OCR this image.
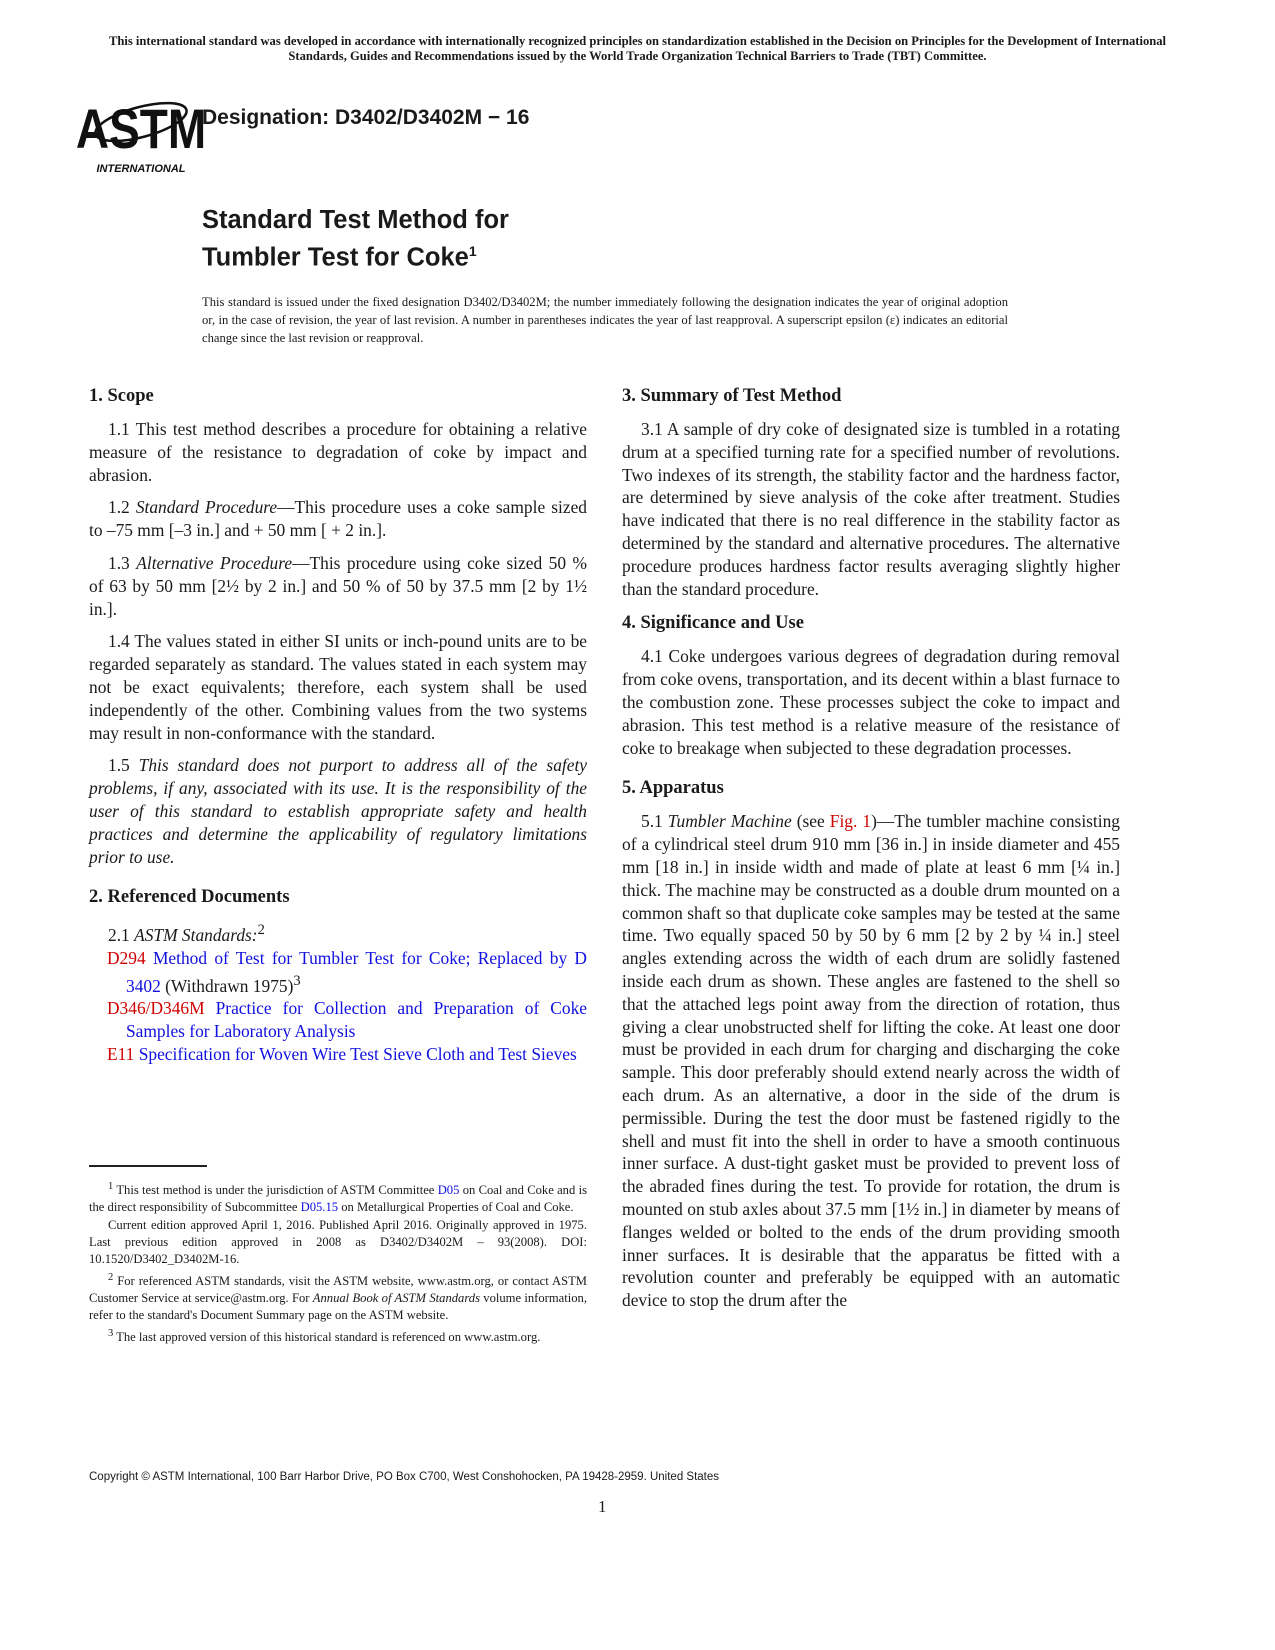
This international standard was developed in accordance with internationally recognized principles on standardization established in the Decision on Principles for the Development of International Standards, Guides and Recommendations issued by the World Trade Organization Technical Barriers to Trade (TBT) Committee.
ASTM
INTERNATIONAL
Designation: D3402/D3402M − 16
Standard Test Method for
Tumbler Test for Coke$^1$
This standard is issued under the fixed designation D3402/D3402M; the number immediately following the designation indicates the year of original adoption or, in the case of revision, the year of last revision. A number in parentheses indicates the year of last reapproval. A superscript epsilon (ε) indicates an editorial change since the last revision or reapproval.
1. Scope

1.1 This test method describes a procedure for obtaining a relative measure of the resistance to degradation of coke by impact and abrasion.

1.2 Standard Procedure—This procedure uses a coke sample sized to –75 mm [–3 in.] and + 50 mm [ + 2 in.].

1.3 Alternative Procedure—This procedure using coke sized 50 % of 63 by 50 mm [2½ by 2 in.] and 50 % of 50 by 37.5 mm [2 by 1½ in.].

1.4 The values stated in either SI units or inch-pound units are to be regarded separately as standard. The values stated in each system may not be exact equivalents; therefore, each system shall be used independently of the other. Combining values from the two systems may result in non-conformance with the standard.

1.5 This standard does not purport to address all of the safety problems, if any, associated with its use. It is the responsibility of the user of this standard to establish appropriate safety and health practices and determine the applicability of regulatory limitations prior to use.

2. Referenced Documents

2.1 ASTM Standards:$^2$

D294 Method of Test for Tumbler Test for Coke; Replaced by D 3402 (Withdrawn 1975)$^3$
D346/D346M Practice for Collection and Preparation of Coke Samples for Laboratory Analysis
E11 Specification for Woven Wire Test Sieve Cloth and Test Sieves

$^1$ This test method is under the jurisdiction of ASTM Committee D05 on Coal and Coke and is the direct responsibility of Subcommittee D05.15 on Metallurgical Properties of Coal and Coke.

Current edition approved April 1, 2016. Published April 2016. Originally approved in 1975. Last previous edition approved in 2008 as D3402/D3402M – 93(2008). DOI: 10.1520/D3402_D3402M-16.

$^2$ For referenced ASTM standards, visit the ASTM website, www.astm.org, or contact ASTM Customer Service at service@astm.org. For Annual Book of ASTM Standards volume information, refer to the standard's Document Summary page on the ASTM website.

$^3$ The last approved version of this historical standard is referenced on www.astm.org.

3. Summary of Test Method

3.1 A sample of dry coke of designated size is tumbled in a rotating drum at a specified turning rate for a specified number of revolutions. Two indexes of its strength, the stability factor and the hardness factor, are determined by sieve analysis of the coke after treatment. Studies have indicated that there is no real difference in the stability factor as determined by the standard and alternative procedures. The alternative procedure produces hardness factor results averaging slightly higher than the standard procedure.

4. Significance and Use

4.1 Coke undergoes various degrees of degradation during removal from coke ovens, transportation, and its decent within a blast furnace to the combustion zone. These processes subject the coke to impact and abrasion. This test method is a relative measure of the resistance of coke to breakage when subjected to these degradation processes.

5. Apparatus

5.1 Tumbler Machine (see Fig. 1)—The tumbler machine consisting of a cylindrical steel drum 910 mm [36 in.] in inside diameter and 455 mm [18 in.] in inside width and made of plate at least 6 mm [¼ in.] thick. The machine may be constructed as a double drum mounted on a common shaft so that duplicate coke samples may be tested at the same time. Two equally spaced 50 by 50 by 6 mm [2 by 2 by ¼ in.] steel angles extending across the width of each drum are solidly fastened inside each drum as shown. These angles are fastened to the shell so that the attached legs point away from the direction of rotation, thus giving a clear unobstructed shelf for lifting the coke. At least one door must be provided in each drum for charging and discharging the coke sample. This door preferably should extend nearly across the width of each drum. As an alternative, a door in the side of the drum is permissible. During the test the door must be fastened rigidly to the shell and must fit into the shell in order to have a smooth continuous inner surface. A dust-tight gasket must be provided to prevent loss of the abraded fines during the test. To provide for rotation, the drum is mounted on stub axles about 37.5 mm [1½ in.] in diameter by means of flanges welded or bolted to the ends of the drum providing smooth inner surfaces. It is desirable that the apparatus be fitted with a revolution counter and preferably be equipped with an automatic device to stop the drum after the

Copyright © ASTM International, 100 Barr Harbor Drive, PO Box C700, West Conshohocken, PA 19428-2959. United States
1
